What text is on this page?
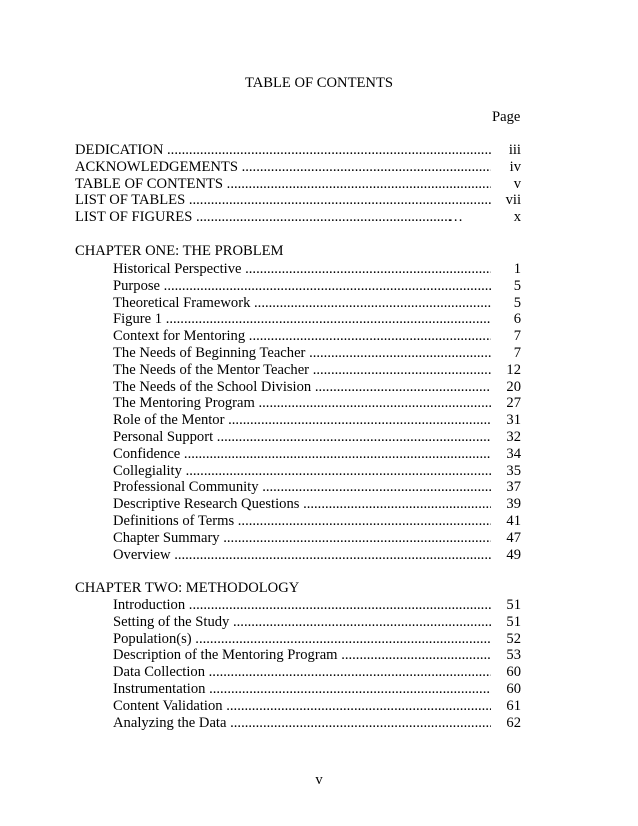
TABLE OF CONTENTS
Page
DEDICATION .....	iii
ACKNOWLEDGEMENTS .....	iv
TABLE OF CONTENTS .....	v
LIST OF TABLES .....	vii
LIST OF FIGURES .....	…	x
CHAPTER ONE: THE PROBLEM
Historical Perspective .....	1
Purpose .....	5
Theoretical Framework .....	5
Figure 1 .....	6
Context for Mentoring .....	7
The Needs of Beginning Teacher .....	7
The Needs of the Mentor Teacher .....	12
The Needs of the School Division .....	20
The Mentoring Program .....	27
Role of the Mentor .....	31
Personal Support .....	32
Confidence .....	34
Collegiality .....	35
Professional Community .....	37
Descriptive Research Questions .....	39
Definitions of Terms .....	41
Chapter Summary .....	47
Overview .....	49
CHAPTER TWO: METHODOLOGY
Introduction .....	51
Setting of the Study .....	51
Population(s) .....	52
Description of the Mentoring Program .....	53
Data Collection .....	60
Instrumentation .....	60
Content Validation .....	61
Analyzing the Data .....	62
v
